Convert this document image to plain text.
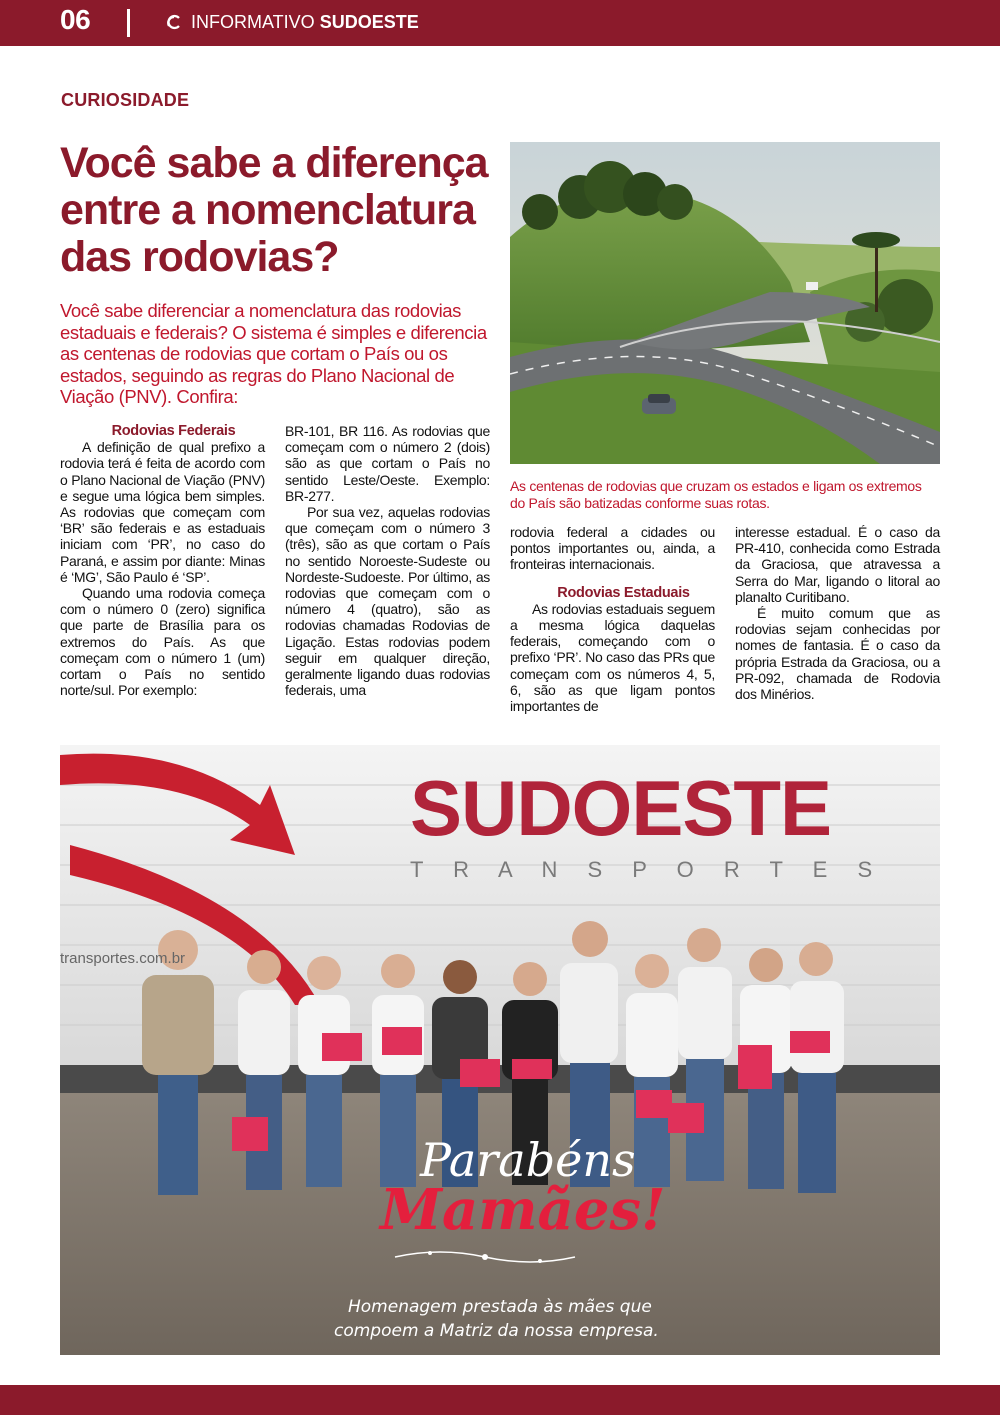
06	INFORMATIVO SUDOESTE
CURIOSIDADE
Você sabe a diferença entre a nomenclatura das rodovias?

Você sabe diferenciar a nomenclatura das rodovias estaduais e federais? O sistema é simples e diferencia as centenas de rodovias que cortam o País ou os estados, seguindo as regras do Plano Nacional de Viação (PNV). Confira:

Rodovias Federais

A definição de qual prefixo a rodovia terá é feita de acordo com o Plano Nacional de Viação (PNV) e segue uma lógica bem simples. As rodovias que começam com ‘BR’ são federais e as estaduais iniciam com ‘PR’, no caso do Paraná, e assim por diante: Minas é ‘MG’, São Paulo é ‘SP’.

Quando uma rodovia começa com o número 0 (zero) significa que parte de Brasília para os extremos do País. As que começam com o número 1 (um) cortam o País no sentido norte/sul. Por exemplo:

BR-101, BR 116. As rodovias que começam com o número 2 (dois) são as que cortam o País no sentido Leste/Oeste. Exemplo: BR-277.

Por sua vez, aquelas rodovias que começam com o número 3 (três), são as que cortam o País no sentido Noroeste-Sudeste ou Nordeste-Sudoeste. Por último, as rodovias que começam com o número 4 (quatro), são as rodovias chamadas Rodovias de Ligação. Estas rodovias podem seguir em qualquer direção, geralmente ligando duas rodovias federais, uma

rodovia federal a cidades ou pontos importantes ou, ainda, a fronteiras internacionais.

Rodovias Estaduais

As rodovias estaduais seguem a mesma lógica daquelas federais, começando com o prefixo ‘PR’. No caso das PRs que começam com os números 4, 5, 6, são as que ligam pontos importantes de

interesse estadual. É o caso da PR-410, conhecida como Estrada da Graciosa, que atravessa a Serra do Mar, ligando o litoral ao planalto Curitibano.

É muito comum que as rodovias sejam conhecidas por nomes de fantasia. É o caso da própria Estrada da Graciosa, ou a PR-092, chamada de Rodovia dos Minérios.

As centenas de rodovias que cruzam os estados e ligam os extremos do País são batizadas conforme suas rotas.
SUDOESTE
T R A N S P O R T E S
transportes.com.br
Parabéns
Mamães!
Homenagem prestada às mães que
compoem a Matriz da nossa empresa.
